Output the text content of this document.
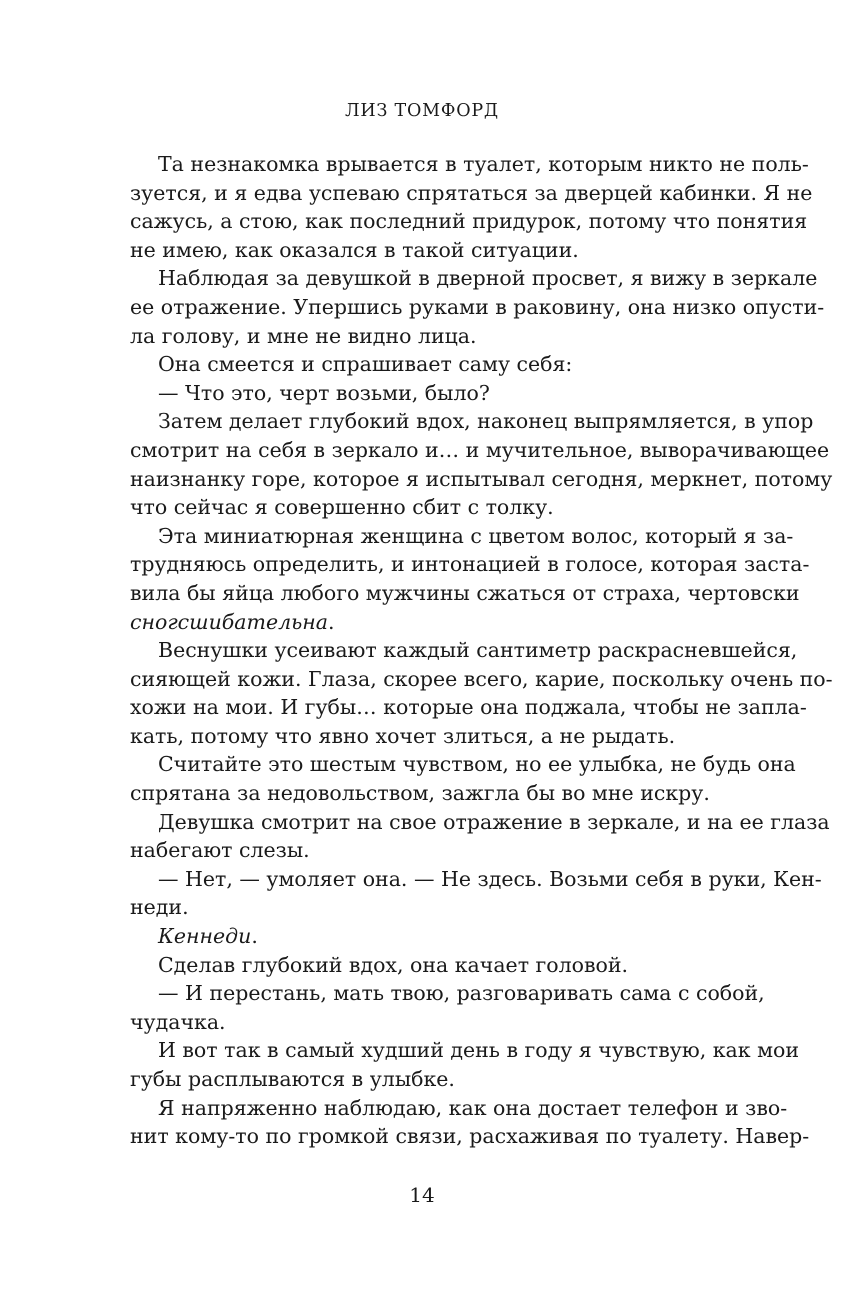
ЛИЗ ТОМФОРД
Та незнакомка врывается в туалет, которым никто не поль-
зуется, и я едва успеваю спрятаться за дверцей кабинки. Я не
сажусь, а стою, как последний придурок, потому что понятия
не имею, как оказался в такой ситуации.
Наблюдая за девушкой в дверной просвет, я вижу в зеркале
ее отражение. Упершись руками в раковину, она низко опусти-
ла голову, и мне не видно лица.
Она смеется и спрашивает саму себя:
— Что это, черт возьми, было?
Затем делает глубокий вдох, наконец выпрямляется, в упор
смотрит на себя в зеркало и… и мучительное, выворачивающее
наизнанку горе, которое я испытывал сегодня, меркнет, потому
что сейчас я совершенно сбит с толку.
Эта миниатюрная женщина с цветом волос, который я за-
трудняюсь определить, и интонацией в голосе, которая застa-
вила бы яйца любого мужчины сжаться от страха, чертовски
сногсшибательна.
Веснушки усеивают каждый сантиметр раскрасневшейся,
сияющей кожи. Глаза, скорее всего, карие, поскольку очень по-
хожи на мои. И губы… которые она поджала, чтобы не запла-
кать, потому что явно хочет злиться, а не рыдать.
Считайте это шестым чувством, но ее улыбка, не будь она
спрятана за недовольством, зажгла бы во мне искру.
Девушка смотрит на свое отражение в зеркале, и на ее глаза
набегают слезы.
— Нет, — умоляет она. — Не здесь. Возьми себя в руки, Кен-
неди.
Кеннеди.
Сделав глубокий вдох, она качает головой.
— И перестань, мать твою, разговаривать сама с собой,
чудачка.
И вот так в самый худший день в году я чувствую, как мои
губы расплываются в улыбке.
Я напряженно наблюдаю, как она достает телефон и зво-
нит кому-то по громкой связи, расхаживая по туалету. Навер-
14
